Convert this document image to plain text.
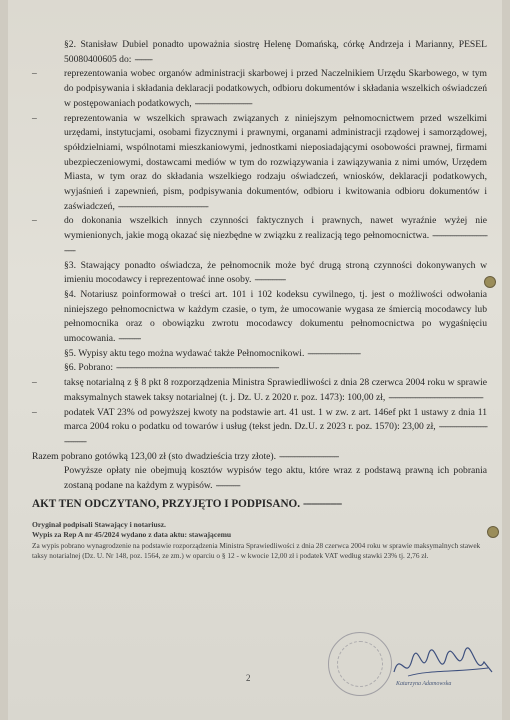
§2. Stanisław Dubiel ponadto upoważnia siostrę Helenę Domańską, córkę Andrzeja i Marianny, PESEL 50080400605 do: --------

–	reprezentowania wobec organów administracji skarbowej i przed Naczelnikiem Urzędu Skarbowego, w tym do podpisywania i składania deklaracji podatkowych, odbioru dokumentów i składania wszelkich oświadczeń w postępowaniach podatkowych, --------------------------

–	reprezentowania w wszelkich sprawach związanych z niniejszym pełnomocnictwem przed wszelkimi urzędami, instytucjami, osobami fizycznymi i prawnymi, organami administracji rządowej i samorządowej, spółdzielniami, wspólnotami mieszkaniowymi, jednostkami nieposiadającymi osobowości prawnej, firmami ubezpieczeniowymi, dostawcami mediów w tym do rozwiązywania i zawiązywania z nimi umów, Urzędem Miasta, w tym oraz do składania wszelkiego rodzaju oświadczeń, wniosków, deklaracji podatkowych, wyjaśnień i zapewnień, pism, podpisywania dokumentów, odbioru i kwitowania odbioru dokumentów i zaświadczeń, -----------------------------------------

–	do dokonania wszelkich innych czynności faktycznych i prawnych, nawet wyraźnie wyżej nie wymienionych, jakie mogą okazać się niezbędne w związku z realizacją tego pełnomocnictwa. ------------------------------

§3. Stawający ponadto oświadcza, że pełnomocnik może być drugą stroną czynności dokonywanych w imieniu mocodawcy i reprezentować inne osoby. --------------

§4. Notariusz poinformował o treści art. 101 i 102 kodeksu cywilnego, tj. jest o możliwości odwołania niniejszego pełnomocnictwa w każdym czasie, o tym, że umocowanie wygasa ze śmiercią mocodawcy lub pełnomocnika oraz o obowiązku zwrotu mocodawcy dokumentu pełnomocnictwa po wygaśnięciu umocowania. ----------

§5. Wypisy aktu tego można wydawać także Pełnomocnikowi. ------------------------

§6. Pobrano: --------------------------------------------------------------------------

–	taksę notarialną z § 8 pkt 8 rozporządzenia Ministra Sprawiedliwości z dnia 28 czerwca 2004 roku w sprawie maksymalnych stawek taksy notarialnej (t. j. Dz. U. z 2020 r. poz. 1473): 100,00 zł, -------------------------------------------

–	podatek VAT 23% od powyższej kwoty na podstawie art. 41 ust. 1 w zw. z art. 146ef pkt 1 ustawy z dnia 11 marca 2004 roku o podatku od towarów i usług (tekst jedn. Dz.U. z 2023 r. poz. 1570): 23,00 zł, --------------------------------

Razem pobrano gotówką 123,00 zł (sto dwadzieścia trzy złote). ---------------------------

Powyższe opłaty nie obejmują kosztów wypisów tego aktu, które wraz z podstawą prawną ich pobrania zostaną podane na każdym z wypisów. -----------

AKT TEN ODCZYTANO, PRZYJĘTO I PODPISANO. --------------

Oryginał podpisali Stawający i notariusz.
Wypis za Rep A nr 45/2024 wydano z data aktu: stawającemu
Za wypis pobrano wynagrodzenie na podstawie rozporządzenia Ministra Sprawiedliwości z dnia 28 czerwca 2004 roku w sprawie maksymalnych stawek taksy notarialnej (Dz. U. Nr 148, poz. 1564, ze zm.) w oparciu o § 12 - w kwocie 12,00 zł i podatek VAT według stawki 23% tj. 2,76 zł.
Katarzyna Adamowska
2
